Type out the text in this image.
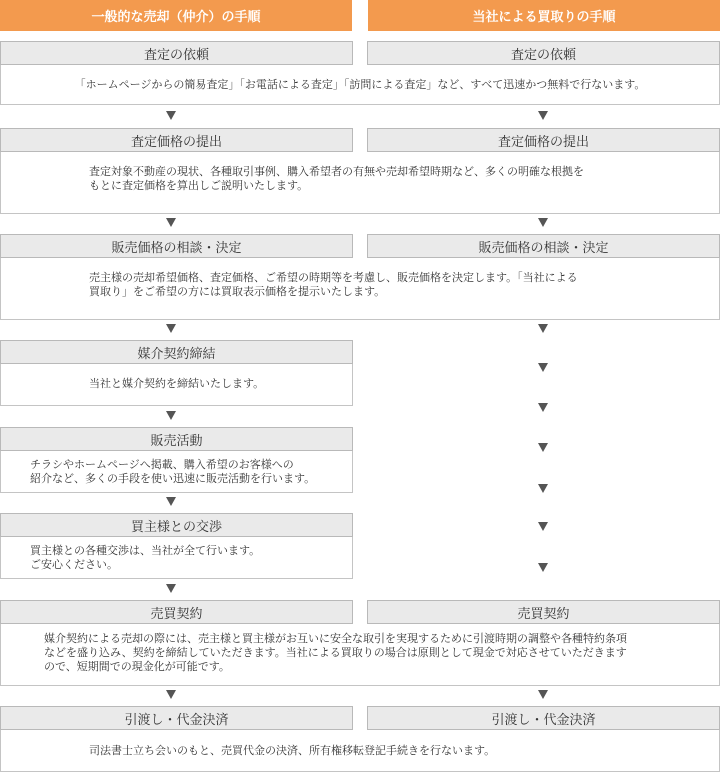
一般的な売却（仲介）の手順	当社による買取りの手順
査定の依頼	査定の依頼
「ホームページからの簡易査定」「お電話による査定」「訪問による査定」など、すべて迅速かつ無料で行ないます。
査定価格の提出	査定価格の提出
査定対象不動産の現状、各種取引事例、購入希望者の有無や売却希望時期など、多くの明確な根拠を
もとに査定価格を算出しご説明いたします。
販売価格の相談・決定	販売価格の相談・決定
売主様の売却希望価格、査定価格、ご希望の時期等を考慮し、販売価格を決定します。「当社による
買取り」をご希望の方には買取表示価格を提示いたします。
媒介契約締結
当社と媒介契約を締結いたします。
販売活動
チラシやホームページへ掲載、購入希望のお客様への
紹介など、多くの手段を使い迅速に販売活動を行います。
買主様との交渉
買主様との各種交渉は、当社が全て行います。
ご安心ください。
売買契約	売買契約
媒介契約による売却の際には、売主様と買主様がお互いに安全な取引を実現するために引渡時期の調整や各種特約条項
などを盛り込み、契約を締結していただきます。当社による買取りの場合は原則として現金で対応させていただきます
ので、短期間での現金化が可能です。
引渡し・代金決済	引渡し・代金決済
司法書士立ち会いのもと、売買代金の決済、所有権移転登記手続きを行ないます。
